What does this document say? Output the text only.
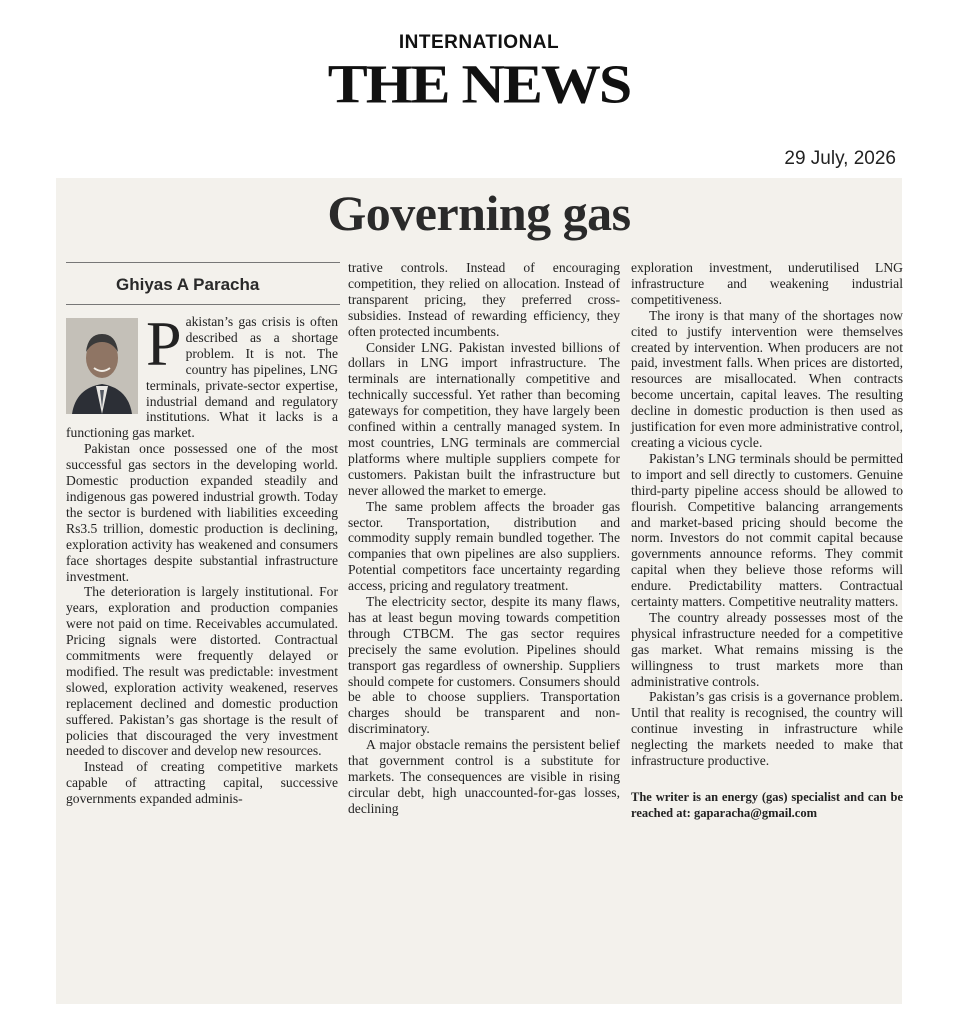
INTERNATIONAL
THE NEWS
29 July, 2026
Governing gas
Ghiyas A Paracha

Pakistan’s gas crisis is often described as a shortage problem. It is not. The country has pipelines, LNG terminals, private-sector expertise, industrial demand and regulatory institutions. What it lacks is a functioning gas market.

Pakistan once possessed one of the most successful gas sectors in the developing world. Domestic production expanded steadily and indigenous gas powered industrial growth. Today the sector is burdened with liabilities exceeding Rs3.5 trillion, domestic production is declining, exploration activity has weakened and consumers face shortages despite substantial infrastructure investment.

The deterioration is largely institutional. For years, exploration and production companies were not paid on time. Receivables accumulated. Pricing signals were distorted. Contractual commitments were frequently delayed or modified. The result was predictable: investment slowed, exploration activity weakened, reserves replacement declined and domestic production suffered. Pakistan’s gas shortage is the result of policies that discouraged the very investment needed to discover and develop new resources.

Instead of creating competitive markets capable of attracting capital, successive governments expanded adminis-

trative controls. Instead of encouraging competition, they relied on allocation. Instead of transparent pricing, they preferred cross-subsidies. Instead of rewarding efficiency, they often protected incumbents.

Consider LNG. Pakistan invested billions of dollars in LNG import infrastructure. The terminals are internationally competitive and technically successful. Yet rather than becoming gateways for competition, they have largely been confined within a centrally managed system. In most countries, LNG terminals are commercial platforms where multiple suppliers compete for customers. Pakistan built the infrastructure but never allowed the market to emerge.

The same problem affects the broader gas sector. Transportation, distribution and commodity supply remain bundled together. The companies that own pipelines are also suppliers. Potential competitors face uncertainty regarding access, pricing and regulatory treatment.

The electricity sector, despite its many flaws, has at least begun moving towards competition through CTBCM. The gas sector requires precisely the same evolution. Pipelines should transport gas regardless of ownership. Suppliers should compete for customers. Consumers should be able to choose suppliers. Transportation charges should be transparent and non-discriminatory.

A major obstacle remains the persistent belief that government control is a substitute for markets. The consequences are visible in rising circular debt, high unaccounted-for-gas losses, declining

exploration investment, underutilised LNG infrastructure and weakening industrial competitiveness.

The irony is that many of the shortages now cited to justify intervention were themselves created by intervention. When producers are not paid, investment falls. When prices are distorted, resources are misallocated. When contracts become uncertain, capital leaves. The resulting decline in domestic production is then used as justification for even more administrative control, creating a vicious cycle.

Pakistan’s LNG terminals should be permitted to import and sell directly to customers. Genuine third-party pipeline access should be allowed to flourish. Competitive balancing arrangements and market-based pricing should become the norm. Investors do not commit capital because governments announce reforms. They commit capital when they believe those reforms will endure. Predictability matters. Contractual certainty matters. Competitive neutrality matters.

The country already possesses most of the physical infrastructure needed for a competitive gas market. What remains missing is the willingness to trust markets more than administrative controls.

Pakistan’s gas crisis is a governance problem. Until that reality is recognised, the country will continue investing in infrastructure while neglecting the markets needed to make that infrastructure productive.

The writer is an energy (gas) specialist and can be reached at: gaparacha@gmail.com
